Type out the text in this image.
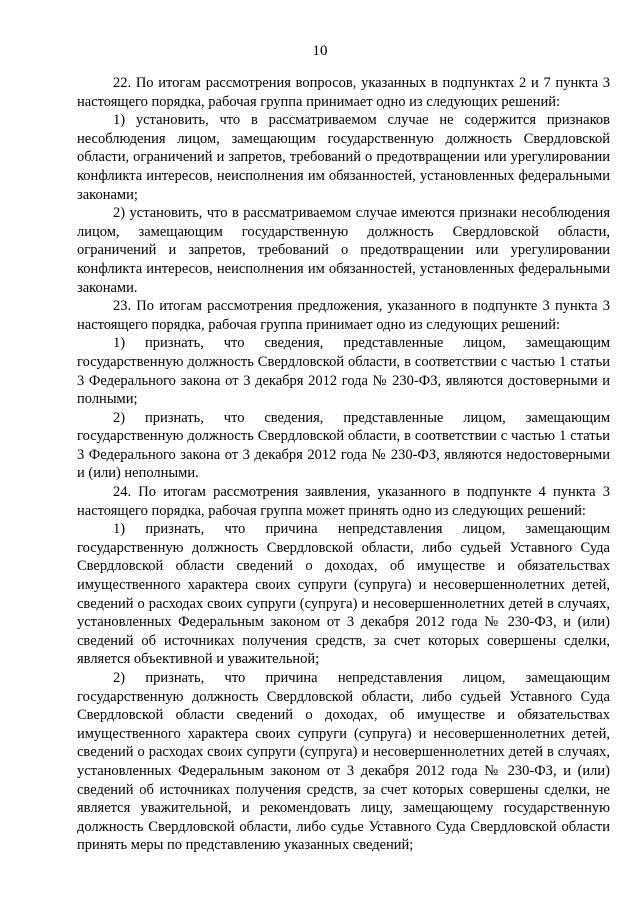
10

22. По итогам рассмотрения вопросов, указанных в подпунктах 2 и 7 пункта 3 настоящего порядка, рабочая группа принимает одно из следующих решений:

1) установить, что в рассматриваемом случае не содержится признаков несоблюдения лицом, замещающим государственную должность Свердловской области, ограничений и запретов, требований о предотвращении или урегулировании конфликта интересов, неисполнения им обязанностей, установленных федеральными законами;

2) установить, что в рассматриваемом случае имеются признаки несоблюдения лицом, замещающим государственную должность Свердловской области, ограничений и запретов, требований о предотвращении или урегулировании конфликта интересов, неисполнения им обязанностей, установленных федеральными законами.

23. По итогам рассмотрения предложения, указанного в подпункте 3 пункта 3 настоящего порядка, рабочая группа принимает одно из следующих решений:

1) признать, что сведения, представленные лицом, замещающим государственную должность Свердловской области, в соответствии с частью 1 статьи 3 Федерального закона от 3 декабря 2012 года № 230-ФЗ, являются достоверными и полными;

2) признать, что сведения, представленные лицом, замещающим государственную должность Свердловской области, в соответствии с частью 1 статьи 3 Федерального закона от 3 декабря 2012 года № 230-ФЗ, являются недостоверными и (или) неполными.

24. По итогам рассмотрения заявления, указанного в подпункте 4 пункта 3 настоящего порядка, рабочая группа может принять одно из следующих решений:

1) признать, что причина непредставления лицом, замещающим государственную должность Свердловской области, либо судьей Уставного Суда Свердловской области сведений о доходах, об имуществе и обязательствах имущественного характера своих супруги (супруга) и несовершеннолетних детей, сведений о расходах своих супруги (супруга) и несовершеннолетних детей в случаях, установленных Федеральным законом от 3 декабря 2012 года № 230-ФЗ, и (или) сведений об источниках получения средств, за счет которых совершены сделки, является объективной и уважительной;

2) признать, что причина непредставления лицом, замещающим государственную должность Свердловской области, либо судьей Уставного Суда Свердловской области сведений о доходах, об имуществе и обязательствах имущественного характера своих супруги (супруга) и несовершеннолетних детей, сведений о расходах своих супруги (супруга) и несовершеннолетних детей в случаях, установленных Федеральным законом от 3 декабря 2012 года № 230-ФЗ, и (или) сведений об источниках получения средств, за счет которых совершены сделки, не является уважительной, и рекомендовать лицу, замещающему государственную должность Свердловской области, либо судье Уставного Суда Свердловской области принять меры по представлению указанных сведений;
